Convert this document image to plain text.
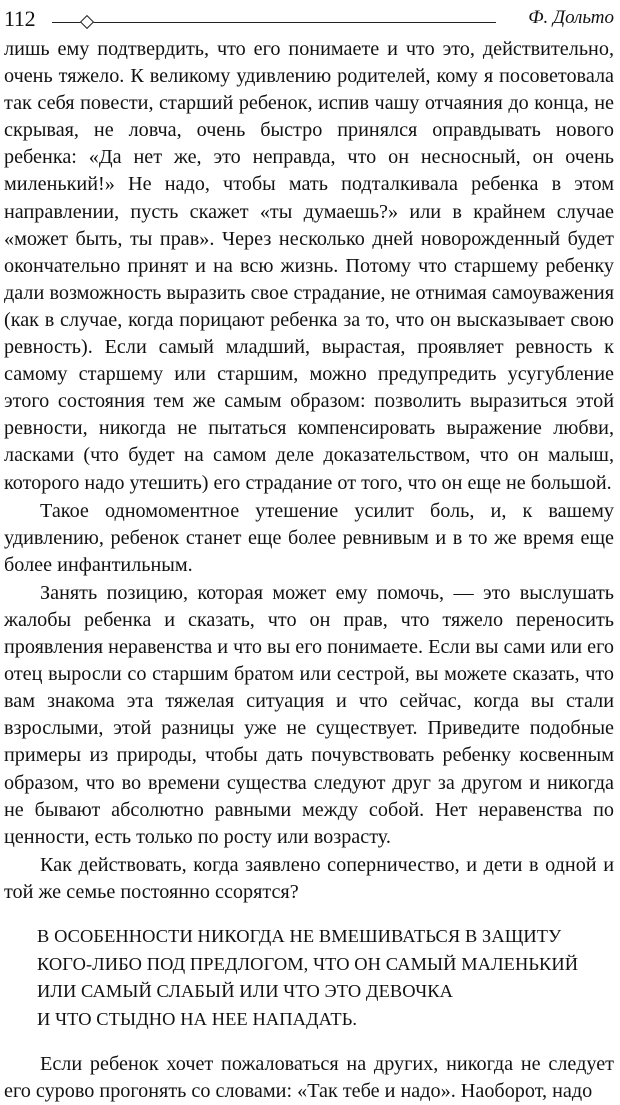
112	Ф. Дольто

лишь ему подтвердить, что его понимаете и что это, действительно, очень тяжело. К великому удивлению родителей, кому я посоветовала так себя повести, старший ребенок, испив чашу отчаяния до конца, не скрывая, не ловча, очень быстро принялся оправдывать нового ребенка: «Да нет же, это неправда, что он несносный, он очень миленький!» Не надо, чтобы мать подталкивала ребенка в этом направлении, пусть скажет «ты думаешь?» или в крайнем случае «может быть, ты прав». Через несколько дней новорожденный будет окончательно принят и на всю жизнь. Потому что старшему ребенку дали возможность выразить свое страдание, не отнимая самоуважения (как в случае, когда порицают ребенка за то, что он высказывает свою ревность). Если самый младший, вырастая, проявляет ревность к самому старшему или старшим, можно предупредить усугубление этого состояния тем же самым образом: позволить выразиться этой ревности, никогда не пытаться компенсировать выражение любви, ласками (что будет на самом деле доказательством, что он малыш, которого надо утешить) его страдание от того, что он еще не большой.

Такое одномоментное утешение усилит боль, и, к вашему удивлению, ребенок станет еще более ревнивым и в то же время еще более инфантильным.

Занять позицию, которая может ему помочь, — это выслушать жалобы ребенка и сказать, что он прав, что тяжело переносить проявления неравенства и что вы его понимаете. Если вы сами или его отец выросли со старшим братом или сестрой, вы можете сказать, что вам знакома эта тяжелая ситуация и что сейчас, когда вы стали взрослыми, этой разницы уже не существует. Приведите подобные примеры из природы, чтобы дать почувствовать ребенку косвенным образом, что во времени существа следуют друг за другом и никогда не бывают абсолютно равными между собой. Нет неравенства по ценности, есть только по росту или возрасту.

Как действовать, когда заявлено соперничество, и дети в одной и той же семье постоянно ссорятся?

В ОСОБЕННОСТИ НИКОГДА НЕ ВМЕШИВАТЬСЯ В ЗАЩИТУ
КОГО-ЛИБО ПОД ПРЕДЛОГОМ, ЧТО ОН САМЫЙ МАЛЕНЬКИЙ
ИЛИ САМЫЙ СЛАБЫЙ ИЛИ ЧТО ЭТО ДЕВОЧКА
И ЧТО СТЫДНО НА НЕЕ НАПАДАТЬ.

Если ребенок хочет пожаловаться на других, никогда не следует его сурово прогонять со словами: «Так тебе и надо». Наоборот, надо
